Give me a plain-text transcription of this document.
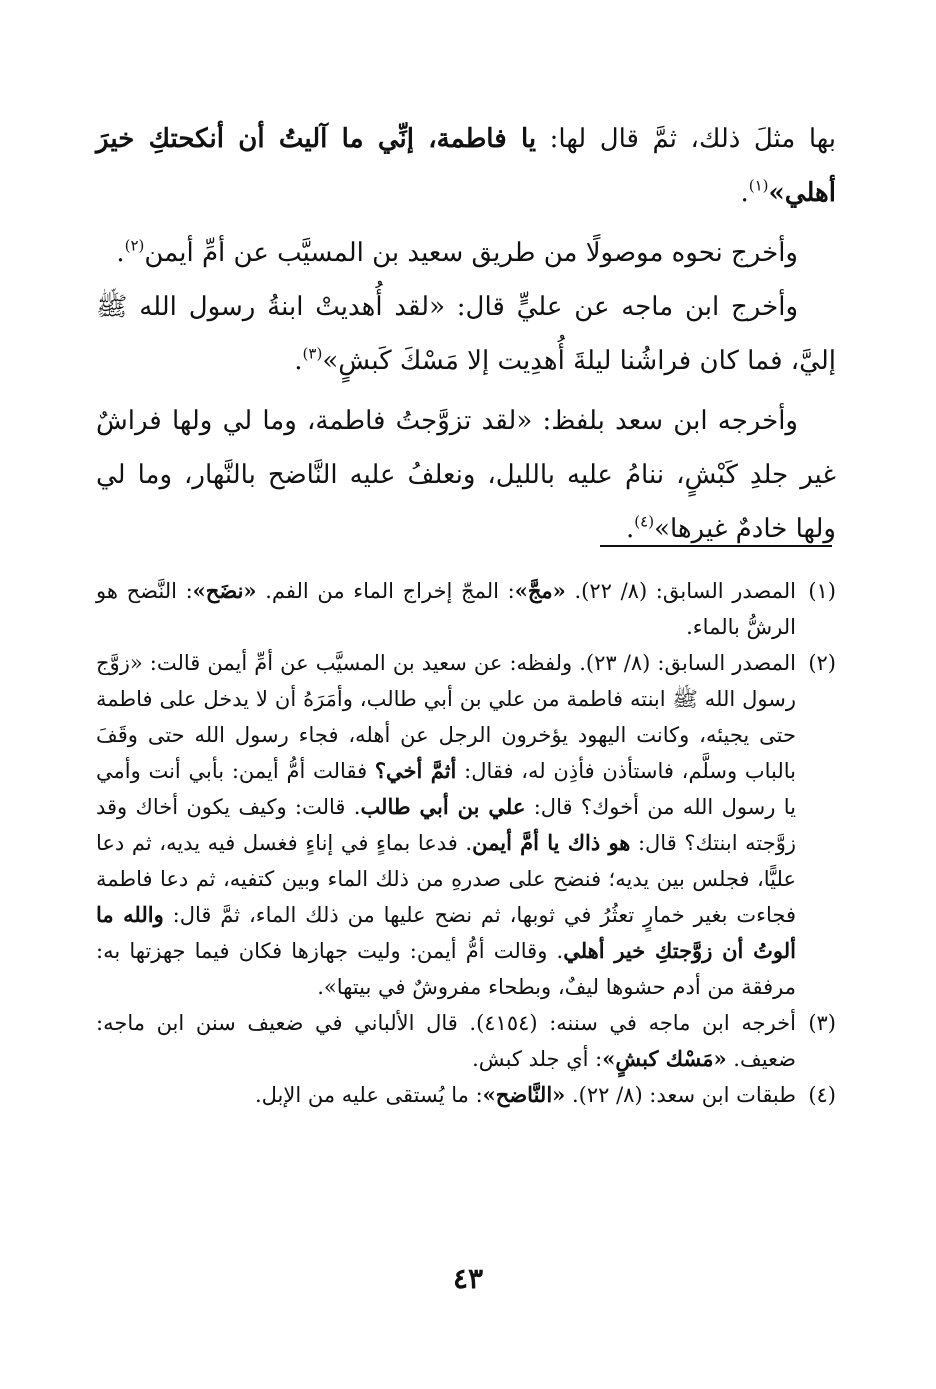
بها مثلَ ذلك، ثمَّ قال لها: يا فاطمة، إنِّي ما آليتُ أن أنكحتكِ خيرَ أهلي»$^{(١)}$.

وأخرج نحوه موصولًا من طريق سعيد بن المسيَّب عن أمِّ أيمن$^{(٢)}$.

وأخرج ابن ماجه عن عليٍّ قال: «لقد أُهديتْ ابنةُ رسول الله ﷺ إليَّ، فما كان فراشُنا ليلةَ أُهدِيت إلا مَسْكَ كَبشٍ»$^{(٣)}$.

وأخرجه ابن سعد بلفظ: «لقد تزوَّجتُ فاطمة، وما لي ولها فراشٌ غير جلدِ كَبْشٍ، ننامُ عليه بالليل، ونعلفُ عليه النَّاضح بالنَّهار، وما لي ولها خادمٌ غيرها»$^{(٤)}$.

(١)
المصدر السابق: (٨/ ٢٢). «مجَّ»: المجّ إخراج الماء من الفم. «نضَح»: النَّضح هو الرشُّ بالماء.
(٢)
المصدر السابق: (٨/ ٢٣). ولفظه: عن سعيد بن المسيَّب عن أمِّ أيمن قالت: «زوَّج رسول الله ﷺ ابنته فاطمة من علي بن أبي طالب، وأمَرَهُ أن لا يدخل على فاطمة حتى يجيئه، وكانت اليهود يؤخرون الرجل عن أهله، فجاء رسول الله حتى وقَفَ بالباب وسلَّم، فاستأذن فأذِن له، فقال: أثمَّ أخي؟ فقالت أمُّ أيمن: بأبي أنت وأمي يا رسول الله من أخوك؟ قال: علي بن أبي طالب. قالت: وكيف يكون أخاك وقد زوَّجته ابنتك؟ قال: هو ذاك يا أمَّ أيمن. فدعا بماءٍ في إناءٍ فغسل فيه يديه، ثم دعا عليًّا، فجلس بين يديه؛ فنضح على صدرهِ من ذلك الماء وبين كتفيه، ثم دعا فاطمة فجاءت بغير خمارٍ تعثُرُ في ثوبها، ثم نضح عليها من ذلك الماء، ثمَّ قال: والله ما ألوتُ أن زوَّجتكِ خير أهلي. وقالت أمُّ أيمن: وليت جهازها فكان فيما جهزتها به: مرفقة من أدم حشوها ليفٌ، وبطحاء مفروشٌ في بيتها».
(٣)
أخرجه ابن ماجه في سننه: (٤١٥٤). قال الألباني في ضعيف سنن ابن ماجه: ضعيف. «مَسْك كبشٍ»: أي جلد كبش.
(٤)
طبقات ابن سعد: (٨/ ٢٢). «النَّاضح»: ما يُستقى عليه من الإبل.
٤٣
